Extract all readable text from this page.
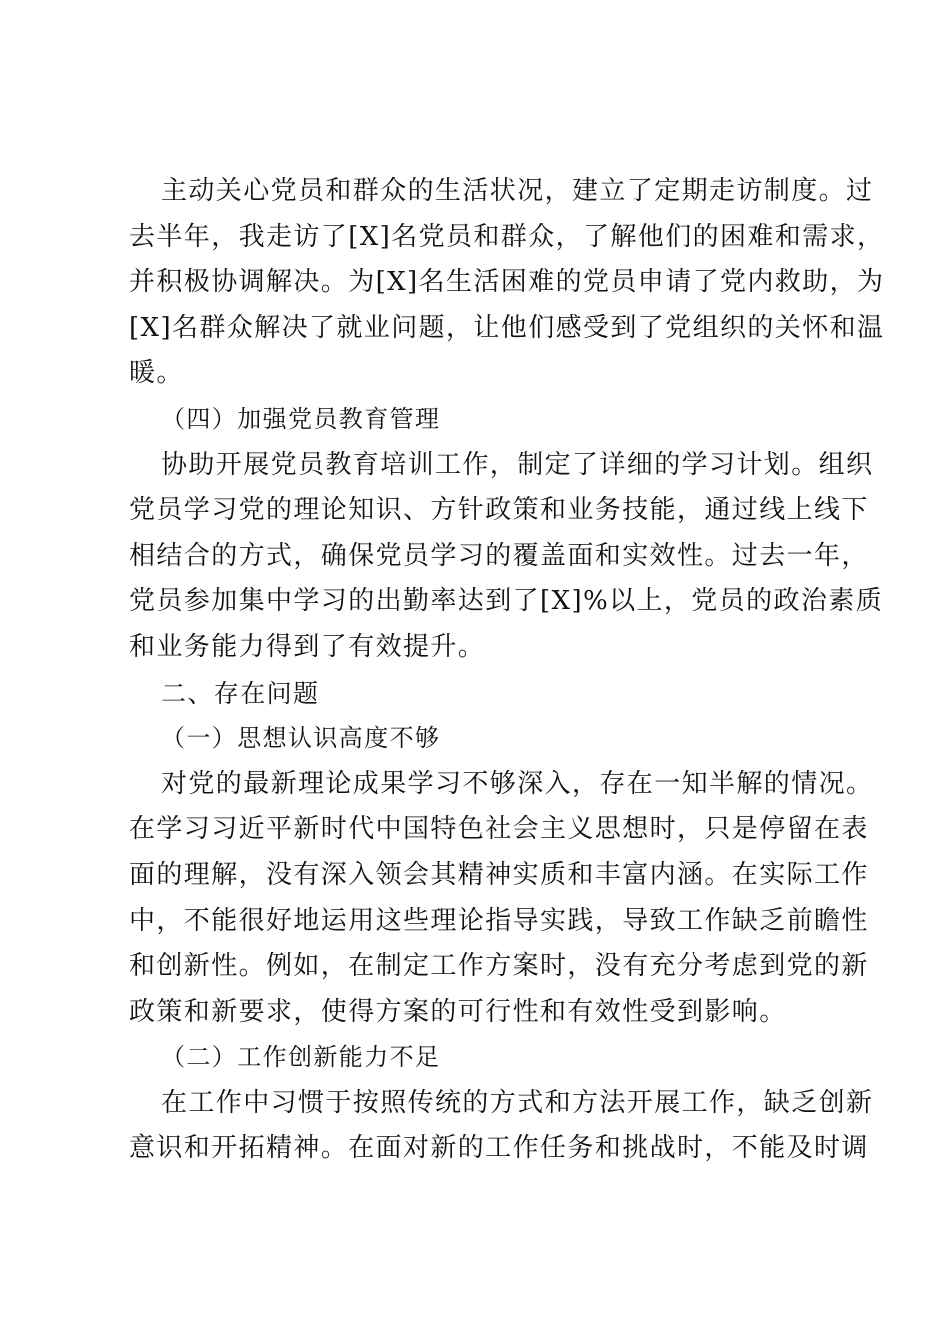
主动关心党员和群众的生活状况，建立了定期走访制度。过
去半年，我走访了[X]名党员和群众，了解他们的困难和需求，
并积极协调解决。为[X]名生活困难的党员申请了党内救助，为
[X]名群众解决了就业问题，让他们感受到了党组织的关怀和温
暖。
（四）加强党员教育管理
协助开展党员教育培训工作，制定了详细的学习计划。组织
党员学习党的理论知识、方针政策和业务技能，通过线上线下
相结合的方式，确保党员学习的覆盖面和实效性。过去一年，
党员参加集中学习的出勤率达到了[X]%以上，党员的政治素质
和业务能力得到了有效提升。
二、存在问题
（一）思想认识高度不够
对党的最新理论成果学习不够深入，存在一知半解的情况。
在学习习近平新时代中国特色社会主义思想时，只是停留在表
面的理解，没有深入领会其精神实质和丰富内涵。在实际工作
中，不能很好地运用这些理论指导实践，导致工作缺乏前瞻性
和创新性。例如，在制定工作方案时，没有充分考虑到党的新
政策和新要求，使得方案的可行性和有效性受到影响。
（二）工作创新能力不足
在工作中习惯于按照传统的方式和方法开展工作，缺乏创新
意识和开拓精神。在面对新的工作任务和挑战时，不能及时调
